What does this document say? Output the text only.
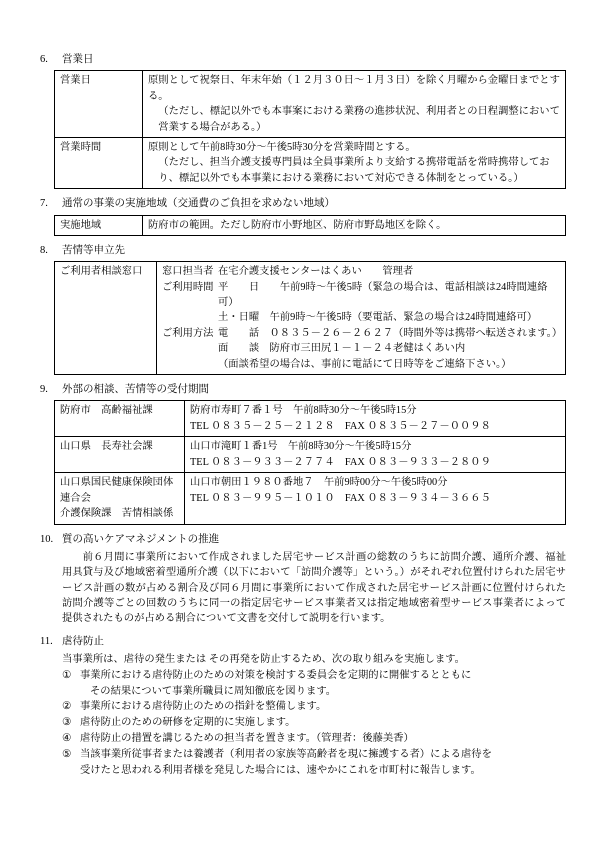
6.	営業日
営業日	原則として祝祭日、年末年始（１２月３０日～１月３日）を除く月曜から金曜日までとする。
（ただし、標記以外でも本事案における業務の進捗状況、利用者との日程調整において営業する場合がある。）

営業時間	原則として午前8時30分～午後5時30分を営業時間とする。
（ただし、担当介護支援専門員は全員事業所より支給する携帯電話を常時携帯しており、標記以外でも本事業における業務において対応できる体制をとっている。）
7.	通常の事業の実施地域（交通費のご負担を求めない地域）
実施地域	防府市の範囲。ただし防府市小野地区、防府市野島地区を除く。
8.	苦情等申立先
ご利用者相談窓口	窓口担当者 在宅介護支援センターはくあい　　管理者
ご利用時間 平　　日　　午前9時～午後5時（緊急の場合は、電話相談は24時間連絡可）
土・日曜　午前9時～午後5時（要電話、緊急の場合は24時間連絡可）
ご利用方法 電　　話　０８３５－２６－２６２７（時間外等は携帯へ転送されます。）
面　　談　防府市三田尻１－１－２４老健はくあい内
（面談希望の場合は、事前に電話にて日時等をご連絡下さい。）
9.	外部の相談、苦情等の受付期間
防府市　高齢福祉課	防府市寿町７番１号　午前8時30分～午後5時15分
TEL ０８３５－２５－２１２８　FAX ０８３５－２７－００９８

山口県　長寿社会課	山口市滝町１番1号　午前8時30分～午後5時15分
TEL ０８３－９３３－２７７４　FAX ０８３－９３３－２８０９

山口県国民健康保険団体連合会
介護保険課　苦情相談係	山口市朝田１９８０番地７　午前9時00分～午後5時00分
TEL ０８３－９９５－１０１０　FAX ０８３－９３４－３６６５
10. 質の高いケアマネジメントの推進
前６月間に事業所において作成されました居宅サービス計画の総数のうちに訪問介護、通所介護、福祉用具貸与及び地域密着型通所介護（以下において「訪問介護等」という。）がそれぞれ位置付けられた居宅サービス計画の数が占める割合及び同６月間に事業所において作成された居宅サービス計画に位置付けられた訪問介護等ごとの回数のうちに同一の指定居宅サービス事業者又は指定地域密着型サービス事業者によって提供されたものが占める割合について文書を交付して説明を行います。
11. 虐待防止
当事業所は、虐待の発生または その再発を防止するため、次の取り組みを実施します。
① 事業所における虐待防止のための対策を検討する委員会を定期的に開催するとともに
その結果について事業所職員に周知徹底を図ります。
② 事業所における虐待防止のための指針を整備します。
③ 虐待防止のための研修を定期的に実施します。
④ 虐待防止の措置を講じるための担当者を置きます。（管理者：後藤美香）
⑤ 当該事業所従事者または養護者（利用者の家族等高齢者を現に擁護する者）による虐待を
受けたと思われる利用者様を発見した場合には、速やかにこれを市町村に報告します。
